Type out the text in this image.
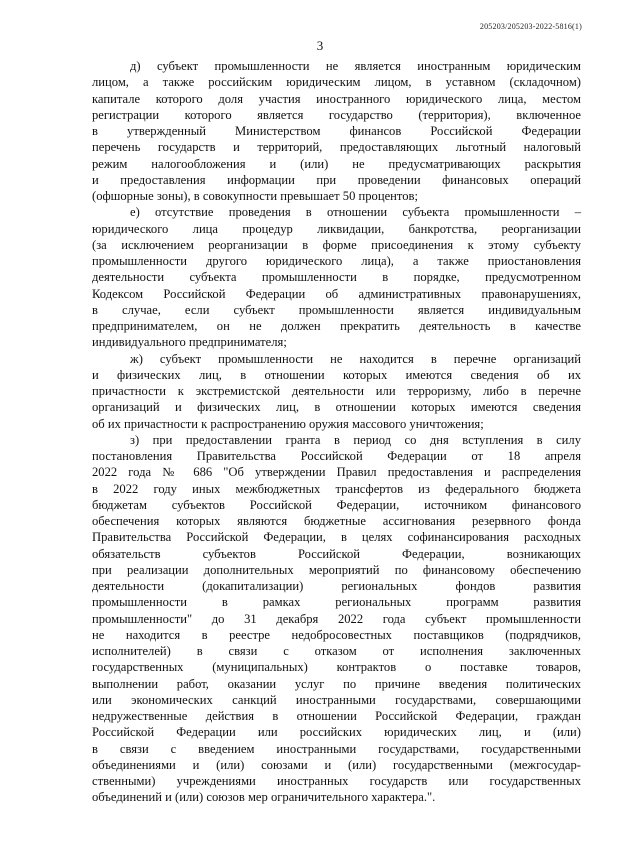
205203/205203-2022-5816(1)
3
д) субъект промышленности не является иностранным юридическим
лицом, а также российским юридическим лицом, в уставном (складочном)
капитале которого доля участия иностранного юридического лица, местом
регистрации которого является государство (территория), включенное
в утвержденный Министерством финансов Российской Федерации
перечень государств и территорий, предоставляющих льготный налоговый
режим налогообложения и (или) не предусматривающих раскрытия
и предоставления информации при проведении финансовых операций
(офшорные зоны), в совокупности превышает 50 процентов;
е) отсутствие проведения в отношении субъекта промышленности –
юридического лица процедур ликвидации, банкротства, реорганизации
(за исключением реорганизации в форме присоединения к этому субъекту
промышленности другого юридического лица), а также приостановления
деятельности субъекта промышленности в порядке, предусмотренном
Кодексом Российской Федерации об административных правонарушениях,
в случае, если субъект промышленности является индивидуальным
предпринимателем, он не должен прекратить деятельность в качестве
индивидуального предпринимателя;
ж) субъект промышленности не находится в перечне организаций
и физических лиц, в отношении которых имеются сведения об их
причастности к экстремистской деятельности или терроризму, либо в перечне
организаций и физических лиц, в отношении которых имеются сведения
об их причастности к распространению оружия массового уничтожения;
з) при предоставлении гранта в период со дня вступления в силу
постановления Правительства Российской Федерации от 18 апреля
2022 года № 686 "Об утверждении Правил предоставления и распределения
в 2022 году иных межбюджетных трансфертов из федерального бюджета
бюджетам субъектов Российской Федерации, источником финансового
обеспечения которых являются бюджетные ассигнования резервного фонда
Правительства Российской Федерации, в целях софинансирования расходных
обязательств субъектов Российской Федерации, возникающих
при реализации дополнительных мероприятий по финансовому обеспечению
деятельности (докапитализации) региональных фондов развития
промышленности в рамках региональных программ развития
промышленности" до 31 декабря 2022 года субъект промышленности
не находится в реестре недобросовестных поставщиков (подрядчиков,
исполнителей) в связи с отказом от исполнения заключенных
государственных (муниципальных) контрактов о поставке товаров,
выполнении работ, оказании услуг по причине введения политических
или экономических санкций иностранными государствами, совершающими
недружественные действия в отношении Российской Федерации, граждан
Российской Федерации или российских юридических лиц, и (или)
в связи с введением иностранными государствами, государственными
объединениями и (или) союзами и (или) государственными (межгосудар-
ственными) учреждениями иностранных государств или государственных
объединений и (или) союзов мер ограничительного характера.".
